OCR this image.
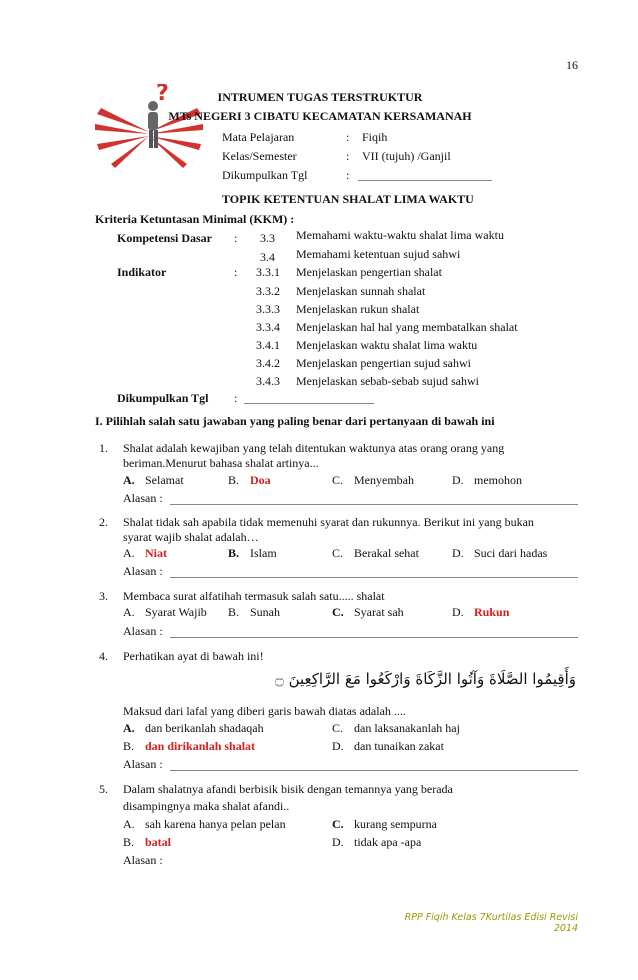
16
?	INTRUMEN TUGAS TERSTRUKTUR
MTs NEGERI 3 CIBATU KECAMATAN KERSAMANAH
Mata Pelajaran	: Fiqih
Kelas/Semester	: VII (tujuh) /Ganjil
Dikumpulkan Tgl	:
TOPIK KETENTUAN SHALAT LIMA WAKTU
Kriteria Ketuntasan Minimal (KKM) :
Kompetensi Dasar : 3.3 Memahami waktu-waktu shalat lima waktu
3.4 Memahami ketentuan sujud sahwi
Indikator	: 3.3.1 Menjelaskan pengertian shalat
3.3.2 Menjelaskan sunnah shalat
3.3.3 Menjelaskan rukun shalat
3.3.4 Menjelaskan hal hal yang membatalkan shalat
3.4.1 Menjelaskan waktu shalat lima waktu
3.4.2 Menjelaskan pengertian sujud sahwi
3.4.3 Menjelaskan sebab-sebab sujud sahwi
Dikumpulkan Tgl :
I. Pilihlah salah satu jawaban yang paling benar dari pertanyaan di bawah ini
1. Shalat adalah kewajiban yang telah ditentukan waktunya atas orang orang yang
beriman.Menurut bahasa shalat artinya...
A. Selamat	B. Doa	C. Menyembah	D. memohon
Alasan :
2. Shalat tidak sah apabila tidak memenuhi syarat dan rukunnya. Berikut ini yang bukan
syarat wajib shalat adalah…
A. Niat	B. Islam	C. Berakal sehat	D. Suci dari hadas
Alasan :
3. Membaca surat alfatihah termasuk salah satu..... shalat
A. Syarat Wajib B. Sunah	C. Syarat sah	D. Rukun
Alasan :
4. Perhatikan ayat di bawah ini!
وَأَقِيمُوا الصَّلَاةَ وَآتُوا الزَّكَاةَ وَارْكَعُوا مَعَ الرَّاكِعِينَ ۝
Maksud dari lafal yang diberi garis bawah diatas adalah ....
A. dan berikanlah shadaqah	C. dan laksanakanlah haj
B. dan dirikanlah shalat	D. dan tunaikan zakat
Alasan :
5. Dalam shalatnya afandi berbisik bisik dengan temannya yang berada
disampingnya maka shalat afandi..
A. sah karena hanya pelan pelan	C. kurang sempurna
B. batal	D. tidak apa -apa
Alasan :
RPP Fiqih Kelas 7Kurtilas Edisi Revisi 2014
